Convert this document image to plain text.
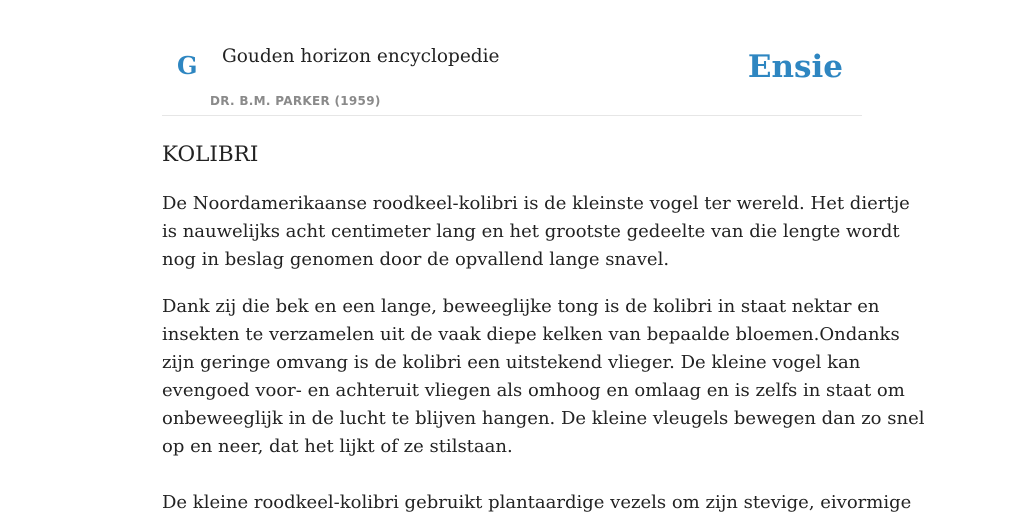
G Gouden horizon encyclopedie
DR. B.M. PARKER (1959)
Ensie
KOLIBRI

De Noordamerikaanse roodkeel-kolibri is de kleinste vogel ter wereld. Het diertje
is nauwelijks acht centimeter lang en het grootste gedeelte van die lengte wordt
nog in beslag genomen door de opvallend lange snavel.

Dank zij die bek en een lange, beweeglijke tong is de kolibri in staat nektar en
insekten te verzamelen uit de vaak diepe kelken van bepaalde bloemen.Ondanks
zijn geringe omvang is de kolibri een uitstekend vlieger. De kleine vogel kan
evengoed voor- en achteruit vliegen als omhoog en omlaag en is zelfs in staat om
onbeweeglijk in de lucht te blijven hangen. De kleine vleugels bewegen dan zo snel
op en neer, dat het lijkt of ze stilstaan.

De kleine roodkeel-kolibri gebruikt plantaardige vezels om zijn stevige, eivormige
